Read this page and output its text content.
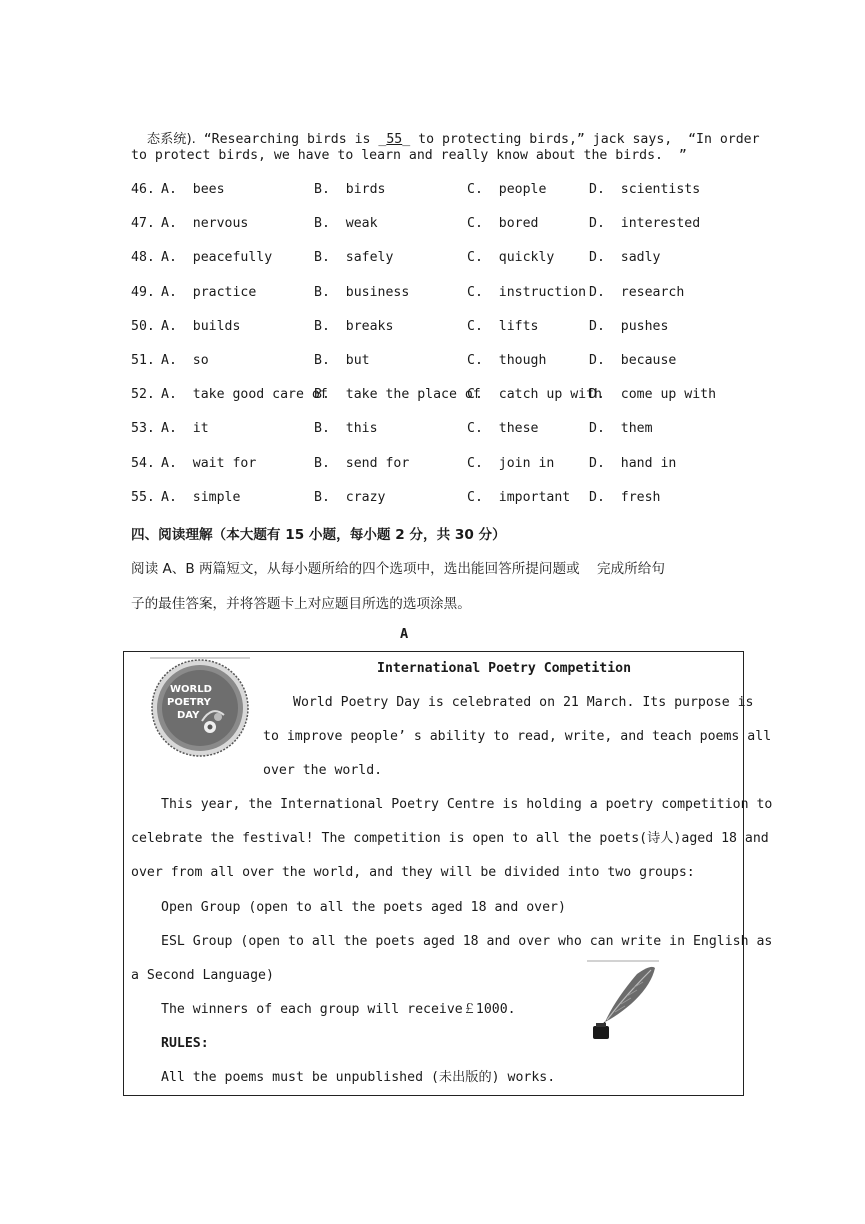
态系统). “Researching birds is _55_ to protecting birds,” jack says,  “In order

to protect birds, we have to learn and really know about the birds.  ”
46. A.  bees	B.  birds	C.  people	D.  scientists
47. A.  nervous	B.  weak	C.  bored	D.  interested
48. A.  peacefully	B.  safely	C.  quickly	D.  sadly
49. A.  practice	B.  business	C.  instruction D.  research
50. A.  builds	B.  breaks	C.  lifts	D.  pushes
51. A.  so	B.  but	C.  though	D.  because
52. A.  take good care of
B.  take the place of
C.  catch up with
D.  come up with
53. A.  it	B.  this	C.  these	D.  them
54. A.  wait for	B.  send for	C.  join in	D.  hand in
55. A.  simple	B.  crazy	C.  important D.  fresh
四、阅读理解（本大题有 15 小题，每小题 2 分，共 30 分）
阅读 A、B 两篇短文，从每小题所给的四个选项中，选出能回答所提问题或    完成所给句
子的最佳答案，并将答题卡上对应题目所选的选项涂黑。
A
WORLD
POETRY
DAY
International Poetry Competition
World Poetry Day is celebrated on 21 March. Its purpose is
to improve people’ s ability to read, write, and teach poems all
over the world.
This year, the International Poetry Centre is holding a poetry competition to
celebrate the festival! The competition is open to all the poets(诗人)aged 18 and
over from all over the world, and they will be divided into two groups:
Open Group (open to all the poets aged 18 and over)
ESL Group (open to all the poets aged 18 and over who can write in English as
a Second Language)
The winners of each group will receive￡1000.
RULES:
All the poems must be unpublished (未出版的) works.
